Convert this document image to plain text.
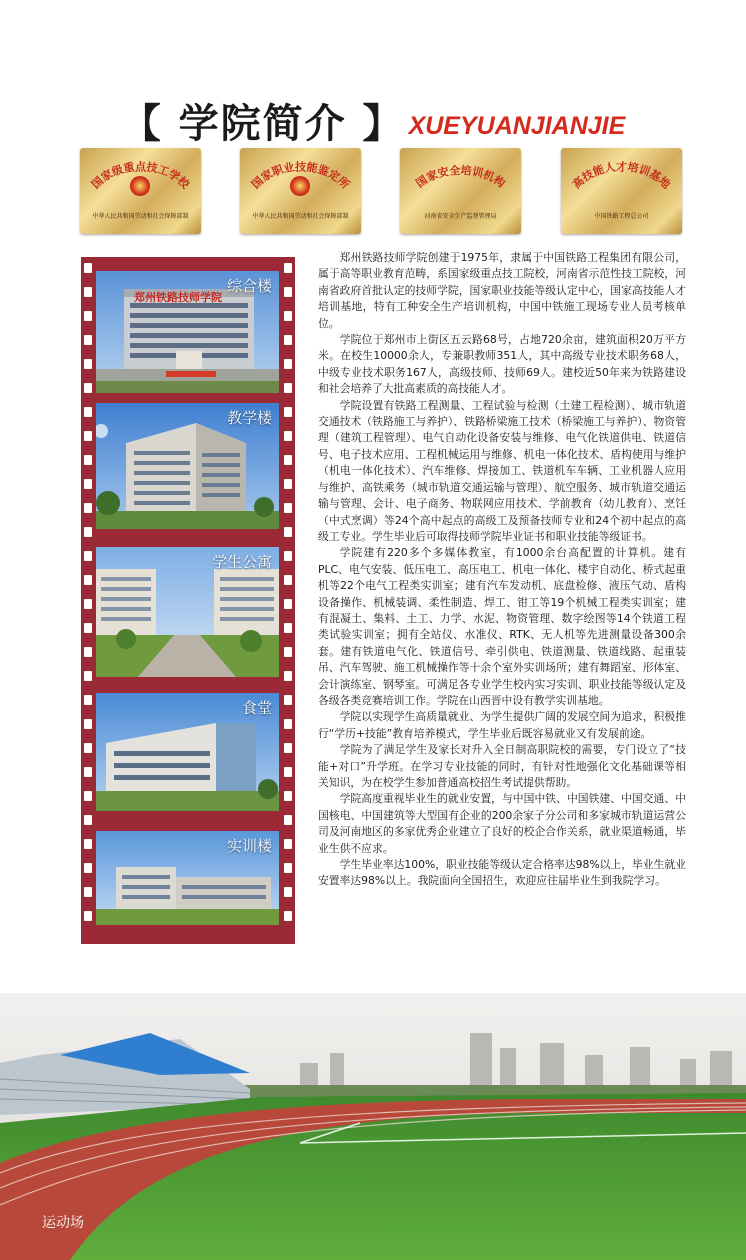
【 学院简介 】 XUEYUANJIANJIE
国家级重点技工学校
中华人民共和国劳动和社会保障部制
国家职业技能鉴定所
中华人民共和国劳动和社会保障部制
国家安全培训机构
河南省安全生产监督管理局
高技能人才培训基地
中国铁路工程总公司
郑州铁路技师学院
综合楼
教学楼
学生公寓
食堂
实训楼

郑州铁路技师学院创建于1975年，隶属于中国铁路工程集团有限公司，属于高等职业教育范畴，系国家级重点技工院校，河南省示范性技工院校，河南省政府首批认定的技师学院，国家职业技能等级认定中心，国家高技能人才培训基地，特有工种安全生产培训机构，中国中铁施工现场专业人员考核单位。

学院位于郑州市上街区五云路68号，占地720余亩，建筑面积20万平方米。在校生10000余人，专兼职教师351人，其中高级专业技术职务68人，中级专业技术职务167人，高级技师、技师69人。建校近50年来为铁路建设和社会培养了大批高素质的高技能人才。

学院设置有铁路工程测量、工程试验与检测（土建工程检测）、城市轨道交通技术（铁路施工与养护）、铁路桥梁施工技术（桥梁施工与养护）、物资管理（建筑工程管理）、电气自动化设备安装与维修、电气化铁道供电、铁道信号、电子技术应用、工程机械运用与维修、机电一体化技术、盾构使用与维护（机电一体化技术）、汽车维修、焊接加工、铁道机车车辆、工业机器人应用与维护、高铁乘务（城市轨道交通运输与管理）、航空服务、城市轨道交通运输与管理、会计、电子商务、物联网应用技术、学前教育（幼儿教育）、烹饪（中式烹调）等24个高中起点的高级工及预备技师专业和24个初中起点的高级工专业。学生毕业后可取得技师学院毕业证书和职业技能等级证书。

学院建有220多个多媒体教室，有1000余台高配置的计算机。建有PLC、电气安装、低压电工、高压电工、机电一体化、楼宇自动化、桥式起重机等22个电气工程类实训室；建有汽车发动机、底盘检修、液压气动、盾构设备操作、机械装调、柔性制造、焊工、钳工等19个机械工程类实训室；建有混凝土、集料、土工、力学、水泥、物资管理、数字绘图等14个铁道工程类试验实训室；拥有全站仪、水准仪、RTK、无人机等先进测量设备300余套。建有铁道电气化、铁道信号、牵引供电、铁道测量、铁道线路、起重装吊、汽车驾驶、施工机械操作等十余个室外实训场所；建有舞蹈室、形体室、会计演练室、钢琴室。可满足各专业学生校内实习实训、职业技能等级认定及各级各类竞赛培训工作。学院在山西晋中设有教学实训基地。

学院以实现学生高质量就业、为学生提供广阔的发展空间为追求，积极推行“学历+技能”教育培养模式，学生毕业后既容易就业又有发展前途。

学院为了满足学生及家长对升入全日制高职院校的需要，专门设立了“技能+对口”升学班。在学习专业技能的同时，有针对性地强化文化基础课等相关知识，为在校学生参加普通高校招生考试提供帮助。

学院高度重视毕业生的就业安置，与中国中铁、中国铁建、中国交通、中国核电、中国建筑等大型国有企业的200余家子分公司和多家城市轨道运营公司及河南地区的多家优秀企业建立了良好的校企合作关系，就业渠道畅通，毕业生供不应求。

学生毕业率达100%，职业技能等级认定合格率达98%以上，毕业生就业安置率达98%以上。我院面向全国招生，欢迎应往届毕业生到我院学习。

运动场
